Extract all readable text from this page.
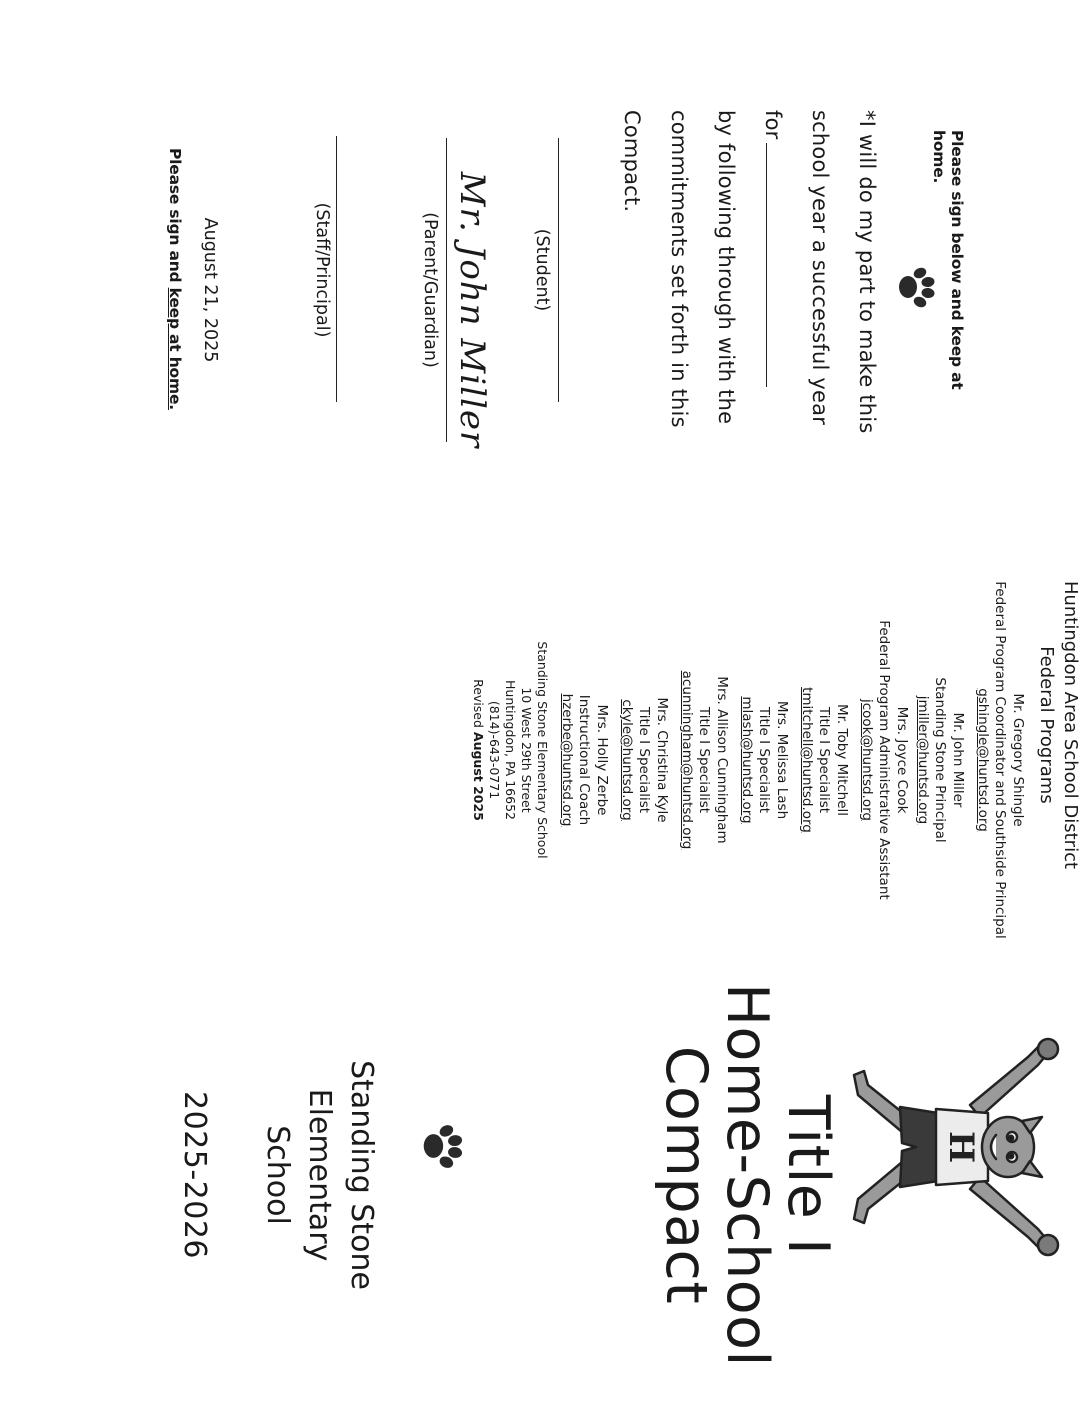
Please sign below and keep at home.
*I will do my part to make this
school year a successful year
for
by following through with the
commitments set forth in this
Compact.
(Student)
(Parent/Guardian) Mr. John Miller
(Staff/Principal)
August 21, 2025
Please sign and keep at home.
Huntingdon Area School District
Federal Programs
Mr. Gregory Shingle
Federal Program Coordinator and Southside Principal
gshingle@huntsd.org
Mr. John Miller
Standing Stone Principal
jmiller@huntsd.org
Mrs. Joyce Cook
Federal Program Administrative Assistant
jcook@huntsd.org
Mr. Toby Mitchell
Title I Specialist
tmitchell@huntsd.org
Mrs. Melissa Lash
Title I Specialist
mlash@huntsd.org
Mrs. Allison Cunningham
Title I Specialist
acunningham@huntsd.org
Mrs. Christina Kyle
Title I Specialist
ckyle@huntsd.org
Mrs. Holly Zerbe
Instructional Coach
hzerbe@huntsd.org
Standing Stone Elementary School
10 West 29th Street
Huntingdon, PA 16652
(814)-643-0771
Revised August 2025
H
Title I
Home-School
Compact
Standing Stone
Elementary
School
2025-2026
